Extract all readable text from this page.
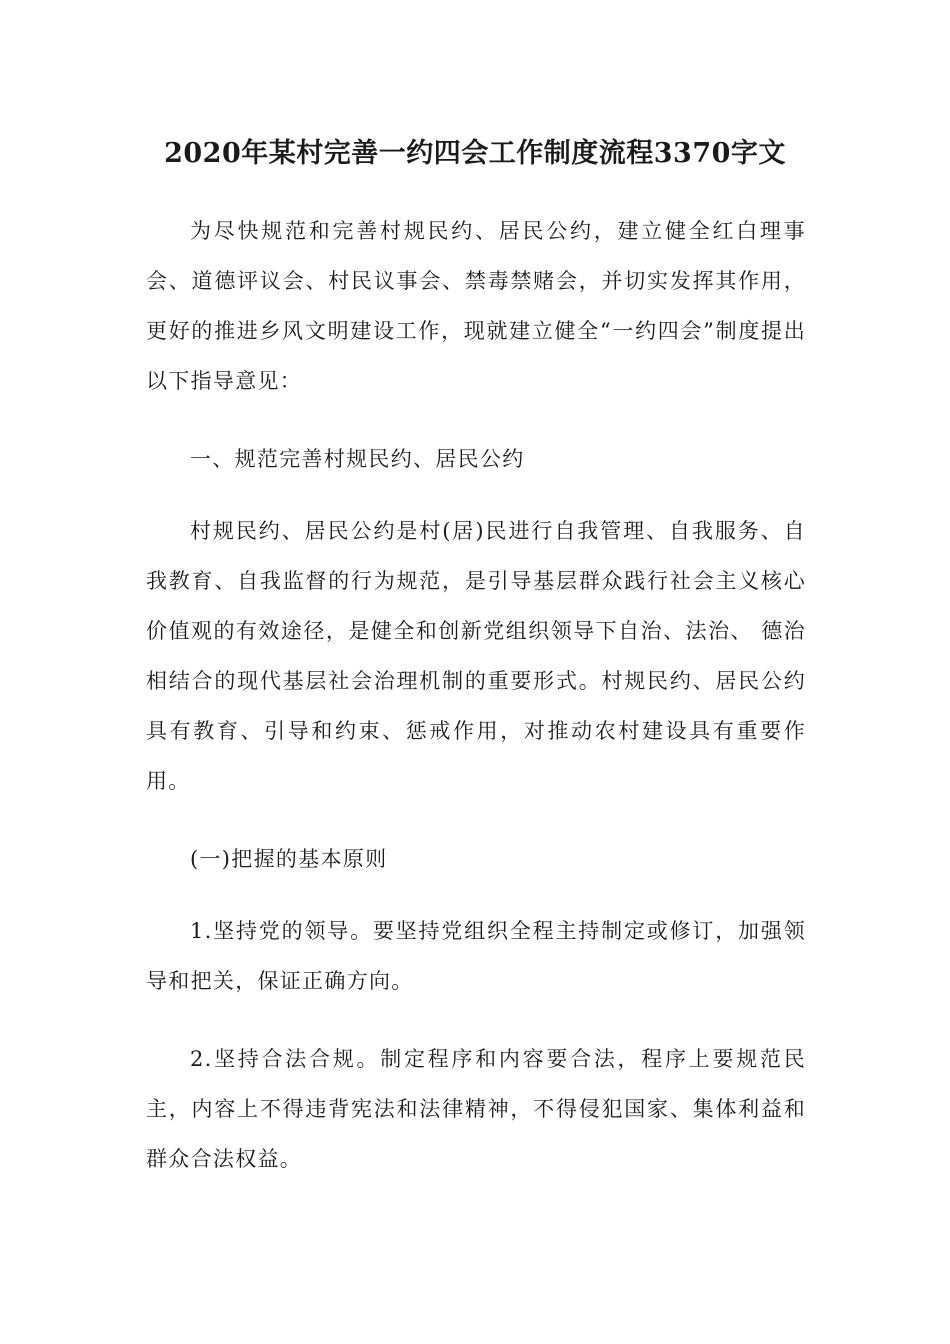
2020年某村完善一约四会工作制度流程3370字文

为尽快规范和完善村规民约、居民公约，建立健全红白理事会、道德评议会、村民议事会、禁毒禁赌会，并切实发挥其作用，更好的推进乡风文明建设工作，现就建立健全“一约四会”制度提出以下指导意见：

一、规范完善村规民约、居民公约

村规民约、居民公约是村(居)民进行自我管理、自我服务、自我教育、自我监督的行为规范，是引导基层群众践行社会主义核心价值观的有效途径，是健全和创新党组织领导下自治、法治、 德治相结合的现代基层社会治理机制的重要形式。村规民约、居民公约具有教育、引导和约束、惩戒作用，对推动农村建设具有重要作用。

(一)把握的基本原则

1.坚持党的领导。要坚持党组织全程主持制定或修订，加强领导和把关，保证正确方向。

2.坚持合法合规。制定程序和内容要合法，程序上要规范民主，内容上不得违背宪法和法律精神，不得侵犯国家、集体利益和群众合法权益。
